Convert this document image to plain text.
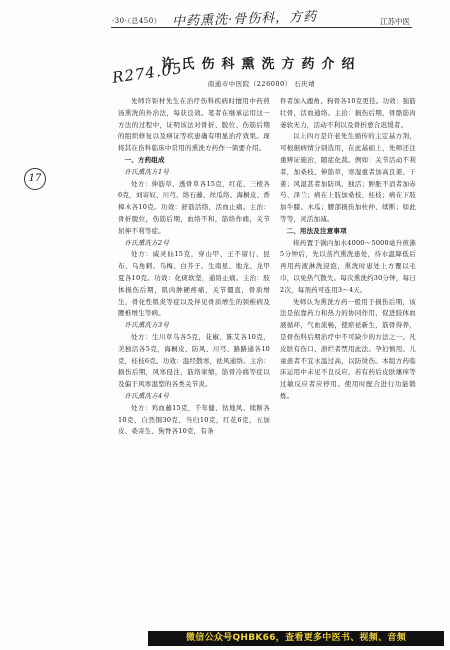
·30·（总450） 中药熏洗·骨伤科，方药	江苏中医
许氏伤科熏洗方药介绍
南通市中医院（226000） 石庆靖
R274.05
17

先师许钜材先生在治疗伤科疾病时擅用中药煎汤熏洗的外治法，每获良效。笔者在继承运用这一方法的过程中，证明该法对骨折、脱位、伤筋后期的组织修复以及痹证等疾患确有明显治疗效果。现将其在伤科临床中常用的熏洗方药作一简要介绍。

一、方药组成

许氏熏洗方1号

处方：伸筋草、透骨草各15克，红花、三棱各6克，刘寄奴、川芎、络石藤、丝瓜络、海桐皮、香樟木各10克。功效：舒筋活络，活血止痛。主治：骨折脱位，伤筋后期，血络不和，筋络作痛，关节屈伸不利等症。

许氏熏洗方2号

处方：威灵仙15克，穿山甲、王不留行、昆布、乌角刺、乌梅、白芥子、生南星、地龙、龙甲夏各10克。功效：化痰软坚，通络止痛。主治：肢体损伤后期，肌肉肿硬疼痛，关节僵直，骨质增生，骨化性肌炎等症以及伴见骨质增生的颈椎病及腰椎增生等病。

许氏熏洗方3号

处方：生川草乌各5克，花椒、陈艾各10克，美独活各5克，海桐皮、防风、川芎、路路通各10克，桂枝6克。功效：温经散寒，祛风通络。主治：损伤后期，风寒侵注，筋络挛缩，筋骨冷痛等症以及偏于风寒湿型的各类关节炎。

许氏熏洗方4号

处方：鸡血藤15克，千年健、钻地风、续断各10克，自然铜30克，当归10克，红花6克，五加皮、桑寄生、狗脊各10克，有条

件者加入鹿角、狗骨各10克更佳。功效：强筋壮骨，活血通络。主治：损伤后期，骨骼筋肉萎软无力，活动不利以及骨折愈合迟缓者。

以上四方是许老先生循传的主定基方剂，可根据病情分别选用，在此基础上，先师还注重辨证施治，随症化裁。例如：关节活动不利者，加桑枝、伸筋草，寒湿重者加高良姜、干姜；风湿甚者加防风、独活；肿胀不消者加赤芍、泽兰；病在上肢加桑枝、桂枝；病在下肢加牛膝、木瓜；腰部损伤加杜仲、续断；如此等等，灵活加减。

二、用法及注意事项

将药置于锅内加水4000～5000毫升煎沸5分钟后，先以蒸汽熏洗患处，待水温降低后再用药液淋洗浸泡，熏洗时患处上方覆以毛巾，以免热气散失。每次熏洗约30分钟，每日2次，每剂药可连用3～4天。

先师认为熏洗方药一般用于损伤后期，该法是依靠药力和热力的协同作用，促进肢体血液循环，气血流畅，使瘀祛新生，筋骨得养，是骨伤科后期治疗中不可缺少的方法之一。凡皮肤有伤口、溃烂者禁用此法。孕妇慎用。儿童患者不宜水温过高，以防烫伤。本组方药临床运用中未见不良反应。若有药后皮肤瘙痒等过敏反应者应停用。使用时配合进行功能锻炼。

微信公众号QHBK66，查看更多中医书、视频、音频
